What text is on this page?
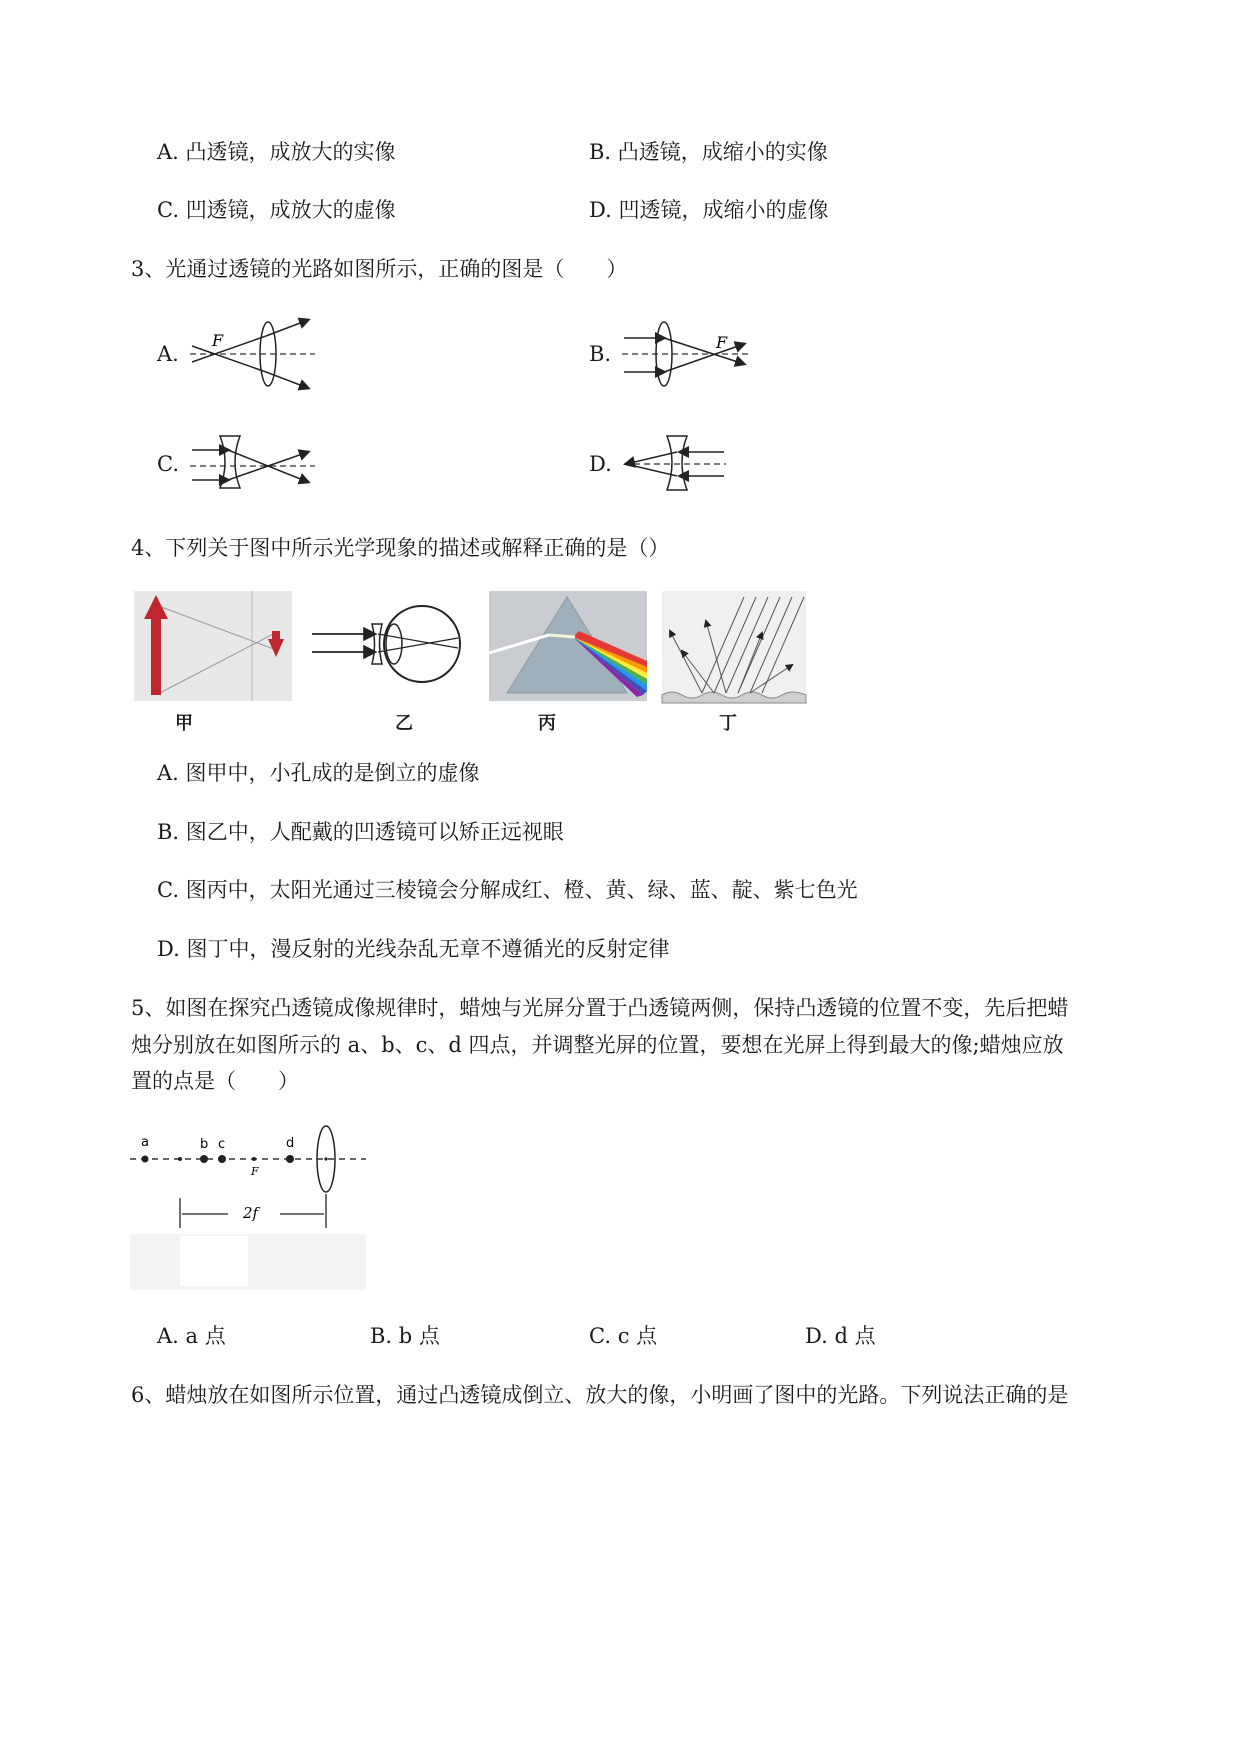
A. 凸透镜，成放大的实像	B. 凸透镜，成缩小的实像
C. 凹透镜，成放大的虚像	D. 凹透镜，成缩小的虚像
3、光通过透镜的光路如图所示，正确的图是（　　）
A.
F
B.	F
C.	D.
4、下列关于图中所示光学现象的描述或解释正确的是（）
甲	乙	丙	丁
A. 图甲中，小孔成的是倒立的虚像
B. 图乙中，人配戴的凹透镜可以矫正远视眼
C. 图丙中，太阳光通过三棱镜会分解成红、橙、黄、绿、蓝、靛、紫七色光
D. 图丁中，漫反射的光线杂乱无章不遵循光的反射定律
5、如图在探究凸透镜成像规律时，蜡烛与光屏分置于凸透镜两侧，保持凸透镜的位置不变，先后把蜡
烛分别放在如图所示的 a、b、c、d 四点，并调整光屏的位置，要想在光屏上得到最大的像;蜡烛应放
置的点是（　　）
a	b c	d
F
2f
A. a 点	B. b 点	C. c 点	D. d 点
6、蜡烛放在如图所示位置，通过凸透镜成倒立、放大的像，小明画了图中的光路。下列说法正确的是
